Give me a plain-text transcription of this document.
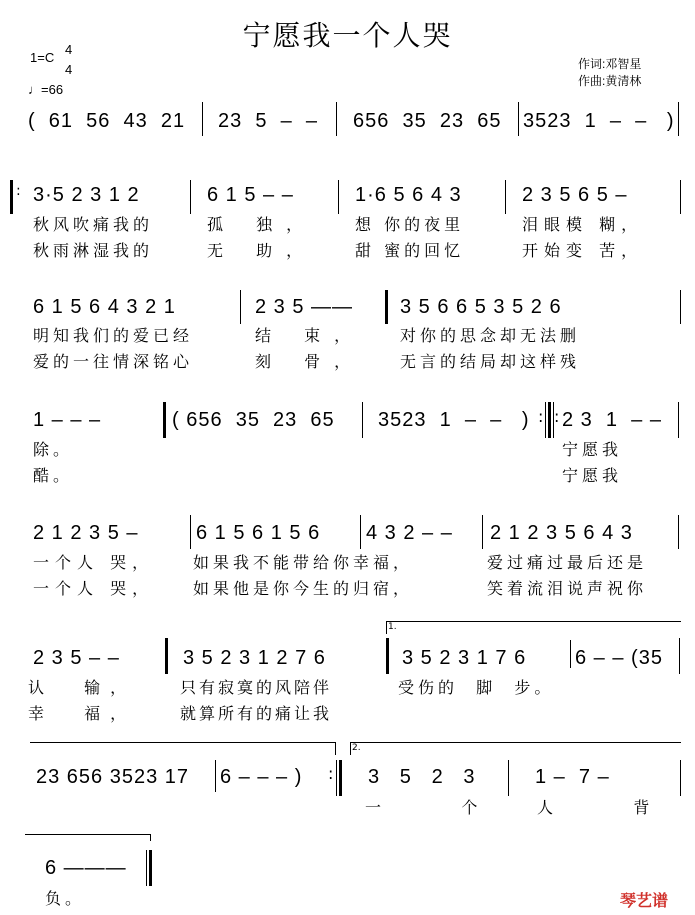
宁愿我一个人哭
1=C
4
4
♩=66
作词:邓智星
作曲:黄清林
(  61  56  43  21 23  5  –  – 656  35  23  65 3523  1  –  –   )
: 3·5 2 3 1 2
秋风吹痛我的
秋雨淋湿我的
6 1 5 – –
孤 独，
无 助，
1·6 5 6 4 3
想 你的夜里
甜 蜜的回忆
2 3 5 6 5 –
泪眼模 糊，
开始变 苦，
6 1 5 6 4 3 2 1
明知我们的爱已经
爱的一往情深铭心
2 3 5 ——
结 束，
刻 骨，
3 5 6 6 5 3 5 2 6
对你的思念却无法删
无言的结局却这样残
1 – – –
除。
酷。
( 656  35  23  65 3523  1  –  –   ) : : 2 3  1  – –
宁愿我
宁愿我
2 1 2 3 5 –
一个人 哭，
一个人 哭，
6 1 5 6 1 5 6
如果我不能带给你幸福，
如果他是你今生的归宿，
4 3 2 – – 2 1 2 3 5 6 4 3
爱过痛过最后还是
笑着流泪说声祝你
1.
2 3 5 – –
认  输，
幸  福，
3 5 2 3 1 2 7 6
只有寂寞的风陪伴
就算所有的痛让我
3 5 2 3 1 7 6
受伤的  脚  步。
6 – – (35
2.
23 656 3523 17 6 – – – ) : 3   5   2   3
一    个
1 –  7 –
人    背
6 ———
负。	琴艺谱
